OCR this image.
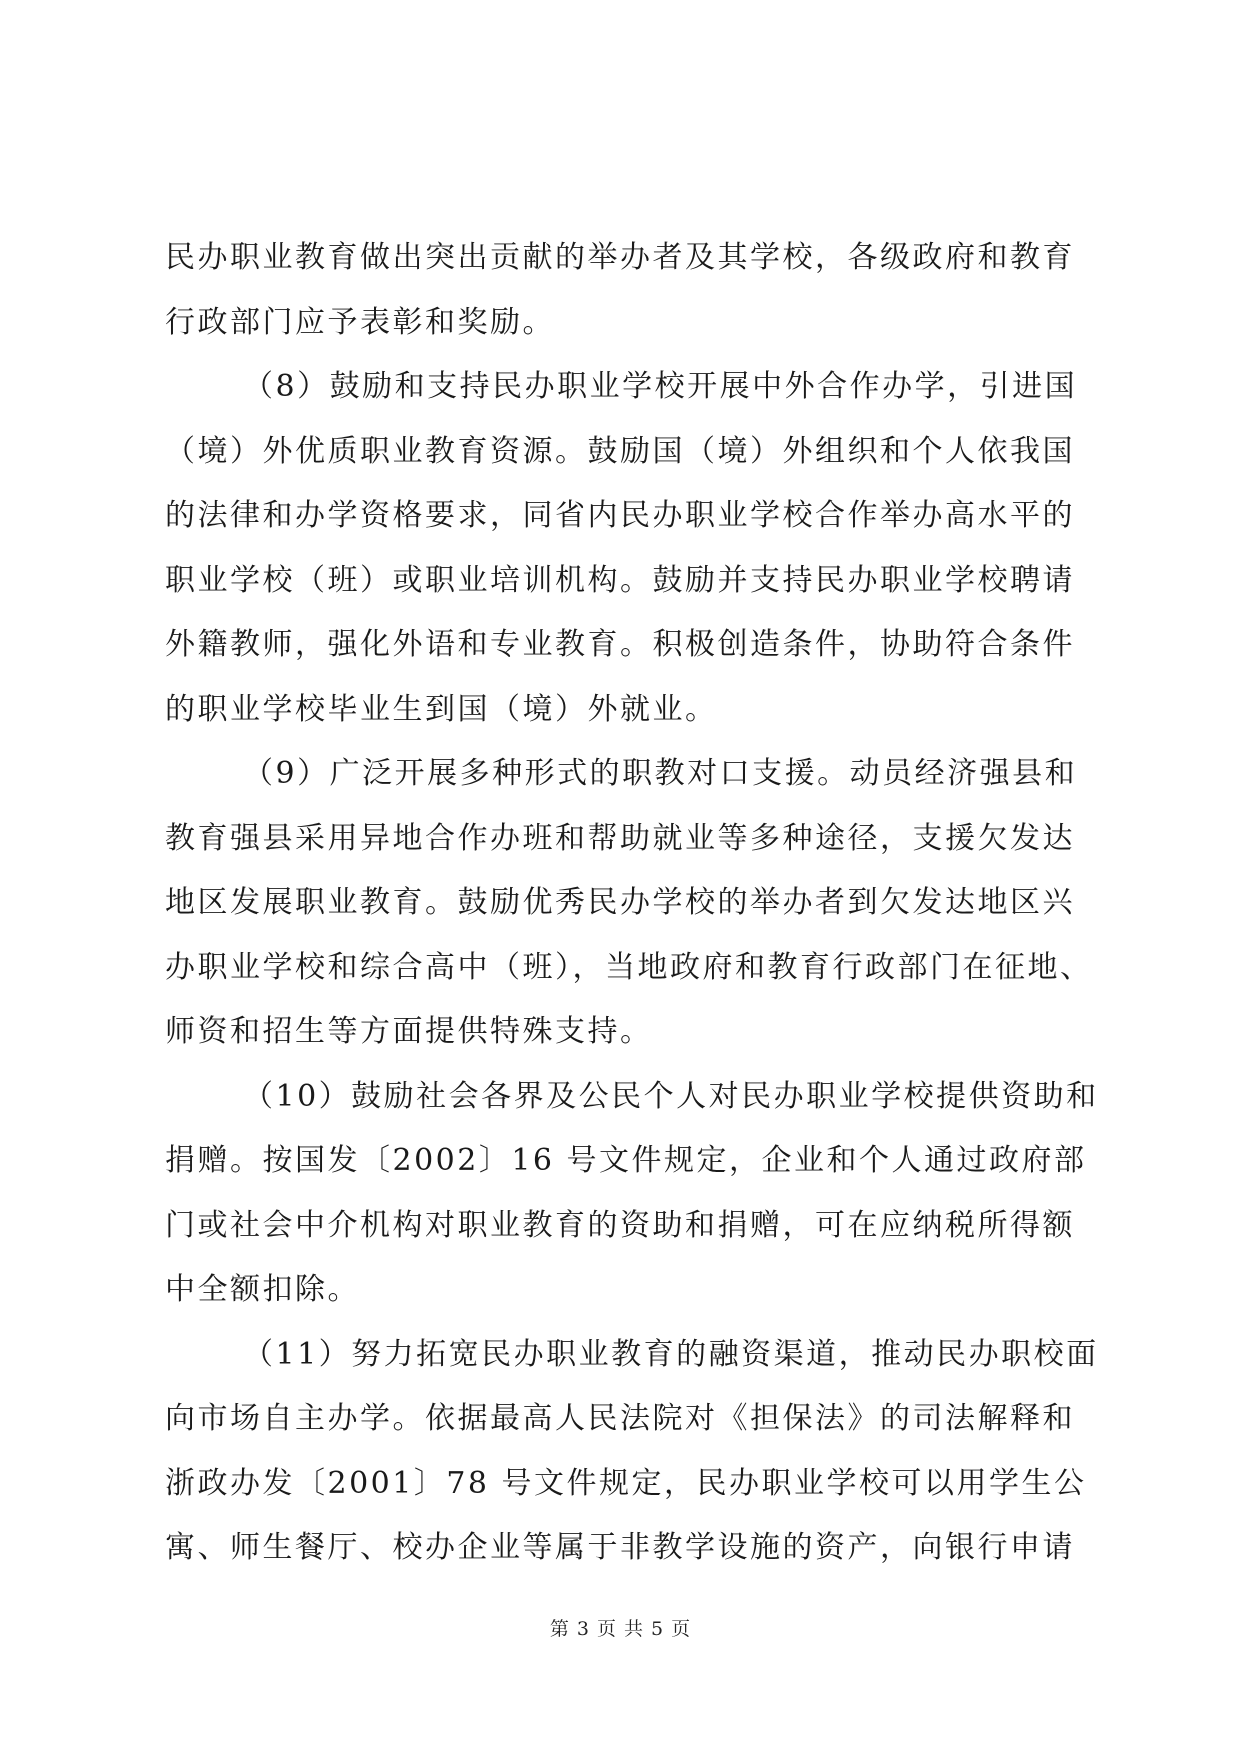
民办职业教育做出突出贡献的举办者及其学校，各级政府和教育
行政部门应予表彰和奖励。
（8）鼓励和支持民办职业学校开展中外合作办学，引进国
（境）外优质职业教育资源。鼓励国（境）外组织和个人依我国
的法律和办学资格要求，同省内民办职业学校合作举办高水平的
职业学校（班）或职业培训机构。鼓励并支持民办职业学校聘请
外籍教师，强化外语和专业教育。积极创造条件，协助符合条件
的职业学校毕业生到国（境）外就业。
（9）广泛开展多种形式的职教对口支援。动员经济强县和
教育强县采用异地合作办班和帮助就业等多种途径，支援欠发达
地区发展职业教育。鼓励优秀民办学校的举办者到欠发达地区兴
办职业学校和综合高中（班），当地政府和教育行政部门在征地、
师资和招生等方面提供特殊支持。
（10）鼓励社会各界及公民个人对民办职业学校提供资助和
捐赠。按国发〔2002〕16 号文件规定，企业和个人通过政府部
门或社会中介机构对职业教育的资助和捐赠，可在应纳税所得额
中全额扣除。
（11）努力拓宽民办职业教育的融资渠道，推动民办职校面
向市场自主办学。依据最高人民法院对《担保法》的司法解释和
浙政办发〔2001〕78 号文件规定，民办职业学校可以用学生公
寓、师生餐厅、校办企业等属于非教学设施的资产，向银行申请
第 3 页 共 5 页
